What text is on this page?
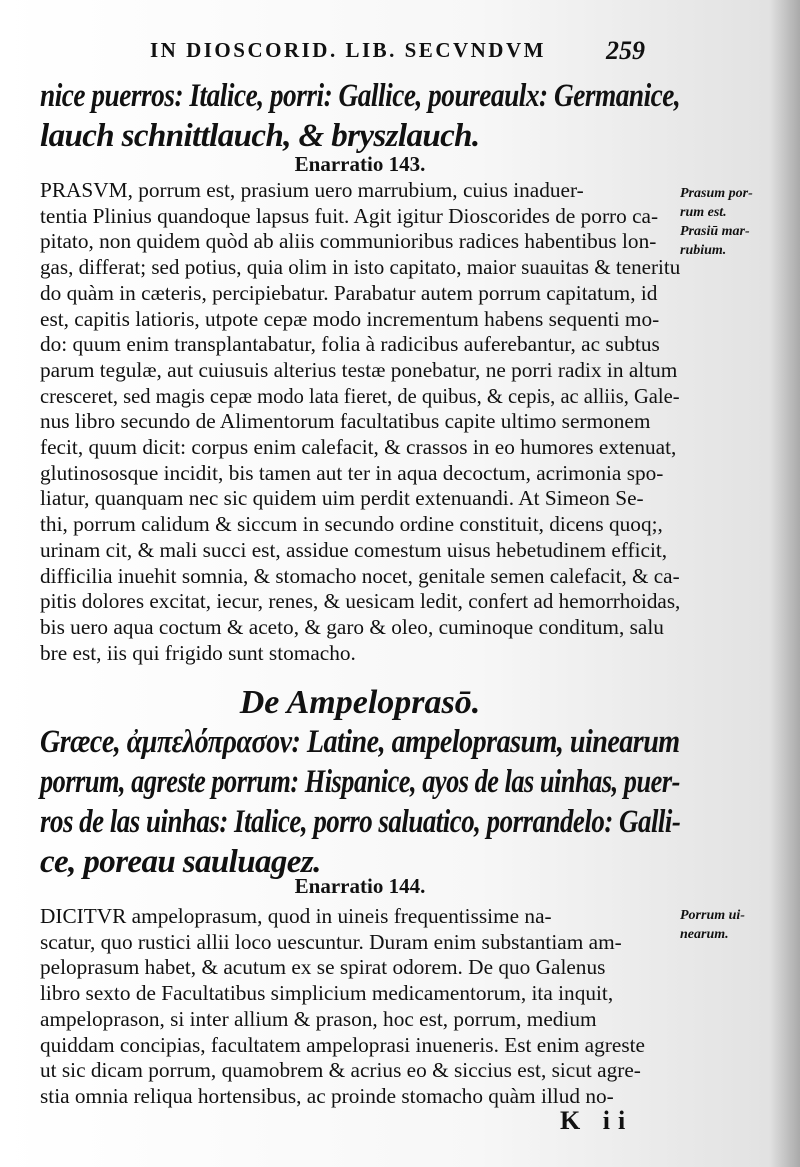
IN DIOSCORID. LIB. SECVNDVM	259
nice puerros: Italice, porri: Gallice, poureaulx: Germanice,
lauch schnittlauch, & bryszlauch.
Enarratio 143.
PRASVM, porrum est, prasium uero marrubium, cuius inaduer-
tentia Plinius quandoque lapsus fuit. Agit igitur Dioscorides de porro ca-
pitato, non quidem quòd ab aliis communioribus radices habentibus lon-
gas, differat; sed potius, quia olim in isto capitato, maior suauitas & teneritu
do quàm in cæteris, percipiebatur. Parabatur autem porrum capitatum, id
est, capitis latioris, utpote cepæ modo incrementum habens sequenti mo-
do: quum enim transplantabatur, folia à radicibus auferebantur, ac subtus
parum tegulæ, aut cuiusuis alterius testæ ponebatur, ne porri radix in altum
cresceret, sed magis cepæ modo lata fieret, de quibus, & cepis, ac alliis, Gale-
nus libro secundo de Alimentorum facultatibus capite ultimo sermonem
fecit, quum dicit: corpus enim calefacit, & crassos in eo humores extenuat,
glutinososque incidit, bis tamen aut ter in aqua decoctum, acrimonia spo-
liatur, quanquam nec sic quidem uim perdit extenuandi. At Simeon Se-
thi, porrum calidum & siccum in secundo ordine constituit, dicens quoq;,
urinam cit, & mali succi est, assidue comestum uisus hebetudinem efficit,
difficilia inuehit somnia, & stomacho nocet, genitale semen calefacit, & ca-
pitis dolores excitat, iecur, renes, & uesicam ledit, confert ad hemorrhoidas,
bis uero aqua coctum & aceto, & garo & oleo, cuminoque conditum, salu
bre est, iis qui frigido sunt stomacho.
Prasum por-
rum est.
Prasiū mar-
rubium.
De Ampeloprasō.
Græce, ἀμπελόπρασον: Latine, ampeloprasum, uinearum
porrum, agreste porrum: Hispanice, ayos de las uinhas, puer-
ros de las uinhas: Italice, porro saluatico, porrandelo: Galli-
ce, poreau sauluagez.
Enarratio 144.
DICITVR ampeloprasum, quod in uineis frequentissime na-
scatur, quo rustici allii loco uescuntur. Duram enim substantiam am-
peloprasum habet, & acutum ex se spirat odorem. De quo Galenus
libro sexto de Facultatibus simplicium medicamentorum, ita inquit,
ampeloprason, si inter allium & prason, hoc est, porrum, medium
quiddam concipias, facultatem ampeloprasi inueneris. Est enim agreste
ut sic dicam porrum, quamobrem & acrius eo & siccius est, sicut agre-
stia omnia reliqua hortensibus, ac proinde stomacho quàm illud no-
Porrum ui-
nearum.
K ii
